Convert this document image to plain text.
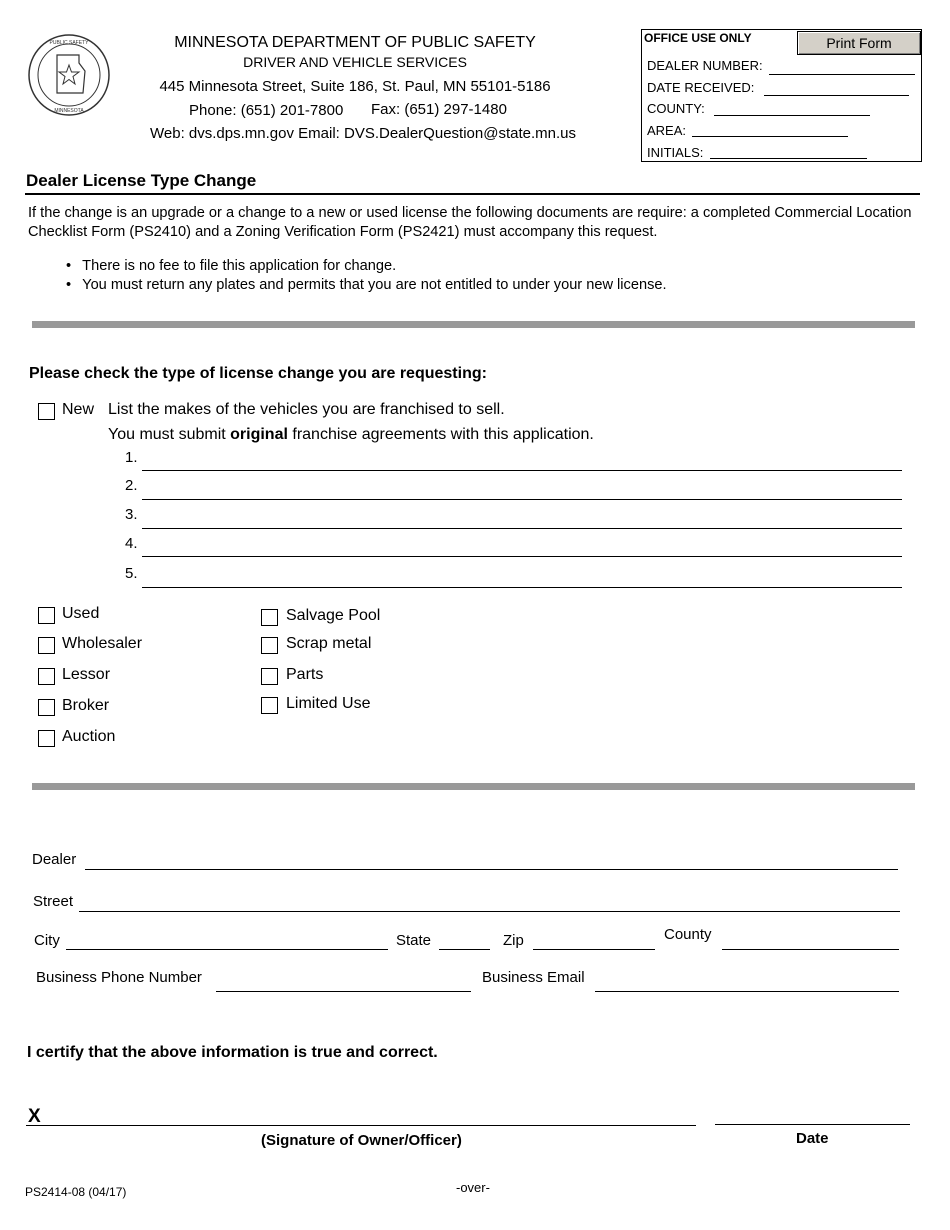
PUBLIC SAFETY
MINNESOTA
MINNESOTA DEPARTMENT OF PUBLIC SAFETY
DRIVER AND VEHICLE SERVICES
445 Minnesota Street, Suite 186, St. Paul, MN 55101-5186
Phone: (651) 201-7800 Fax: (651) 297-1480
Web: dvs.dps.mn.gov Email: DVS.DealerQuestion@state.mn.us
OFFICE USE ONLY
DEALER NUMBER:
DATE RECEIVED:
COUNTY:
AREA:
INITIALS:
Print Form
Dealer License Type Change
If the change is an upgrade or a change to a new or used license the following documents are require: a completed Commercial Location Checklist Form (PS2410) and a Zoning Verification Form (PS2421) must accompany this request.
• There is no fee to file this application for change.
• You must return any plates and permits that you are not entitled to under your new license.
Please check the type of license change you are requesting:
New List the makes of the vehicles you are franchised to sell.
You must submit original franchise agreements with this application.
1.
2.
3.
4.
5.
Used
Wholesaler
Lessor
Broker
Auction
Salvage Pool
Scrap metal
Parts
Limited Use
Dealer
Street
City	State	Zip	County
Business Phone Number	Business Email
I certify that the above information is true and correct.
X
(Signature of Owner/Officer)	Date
PS2414-08 (04/17)	-over-
